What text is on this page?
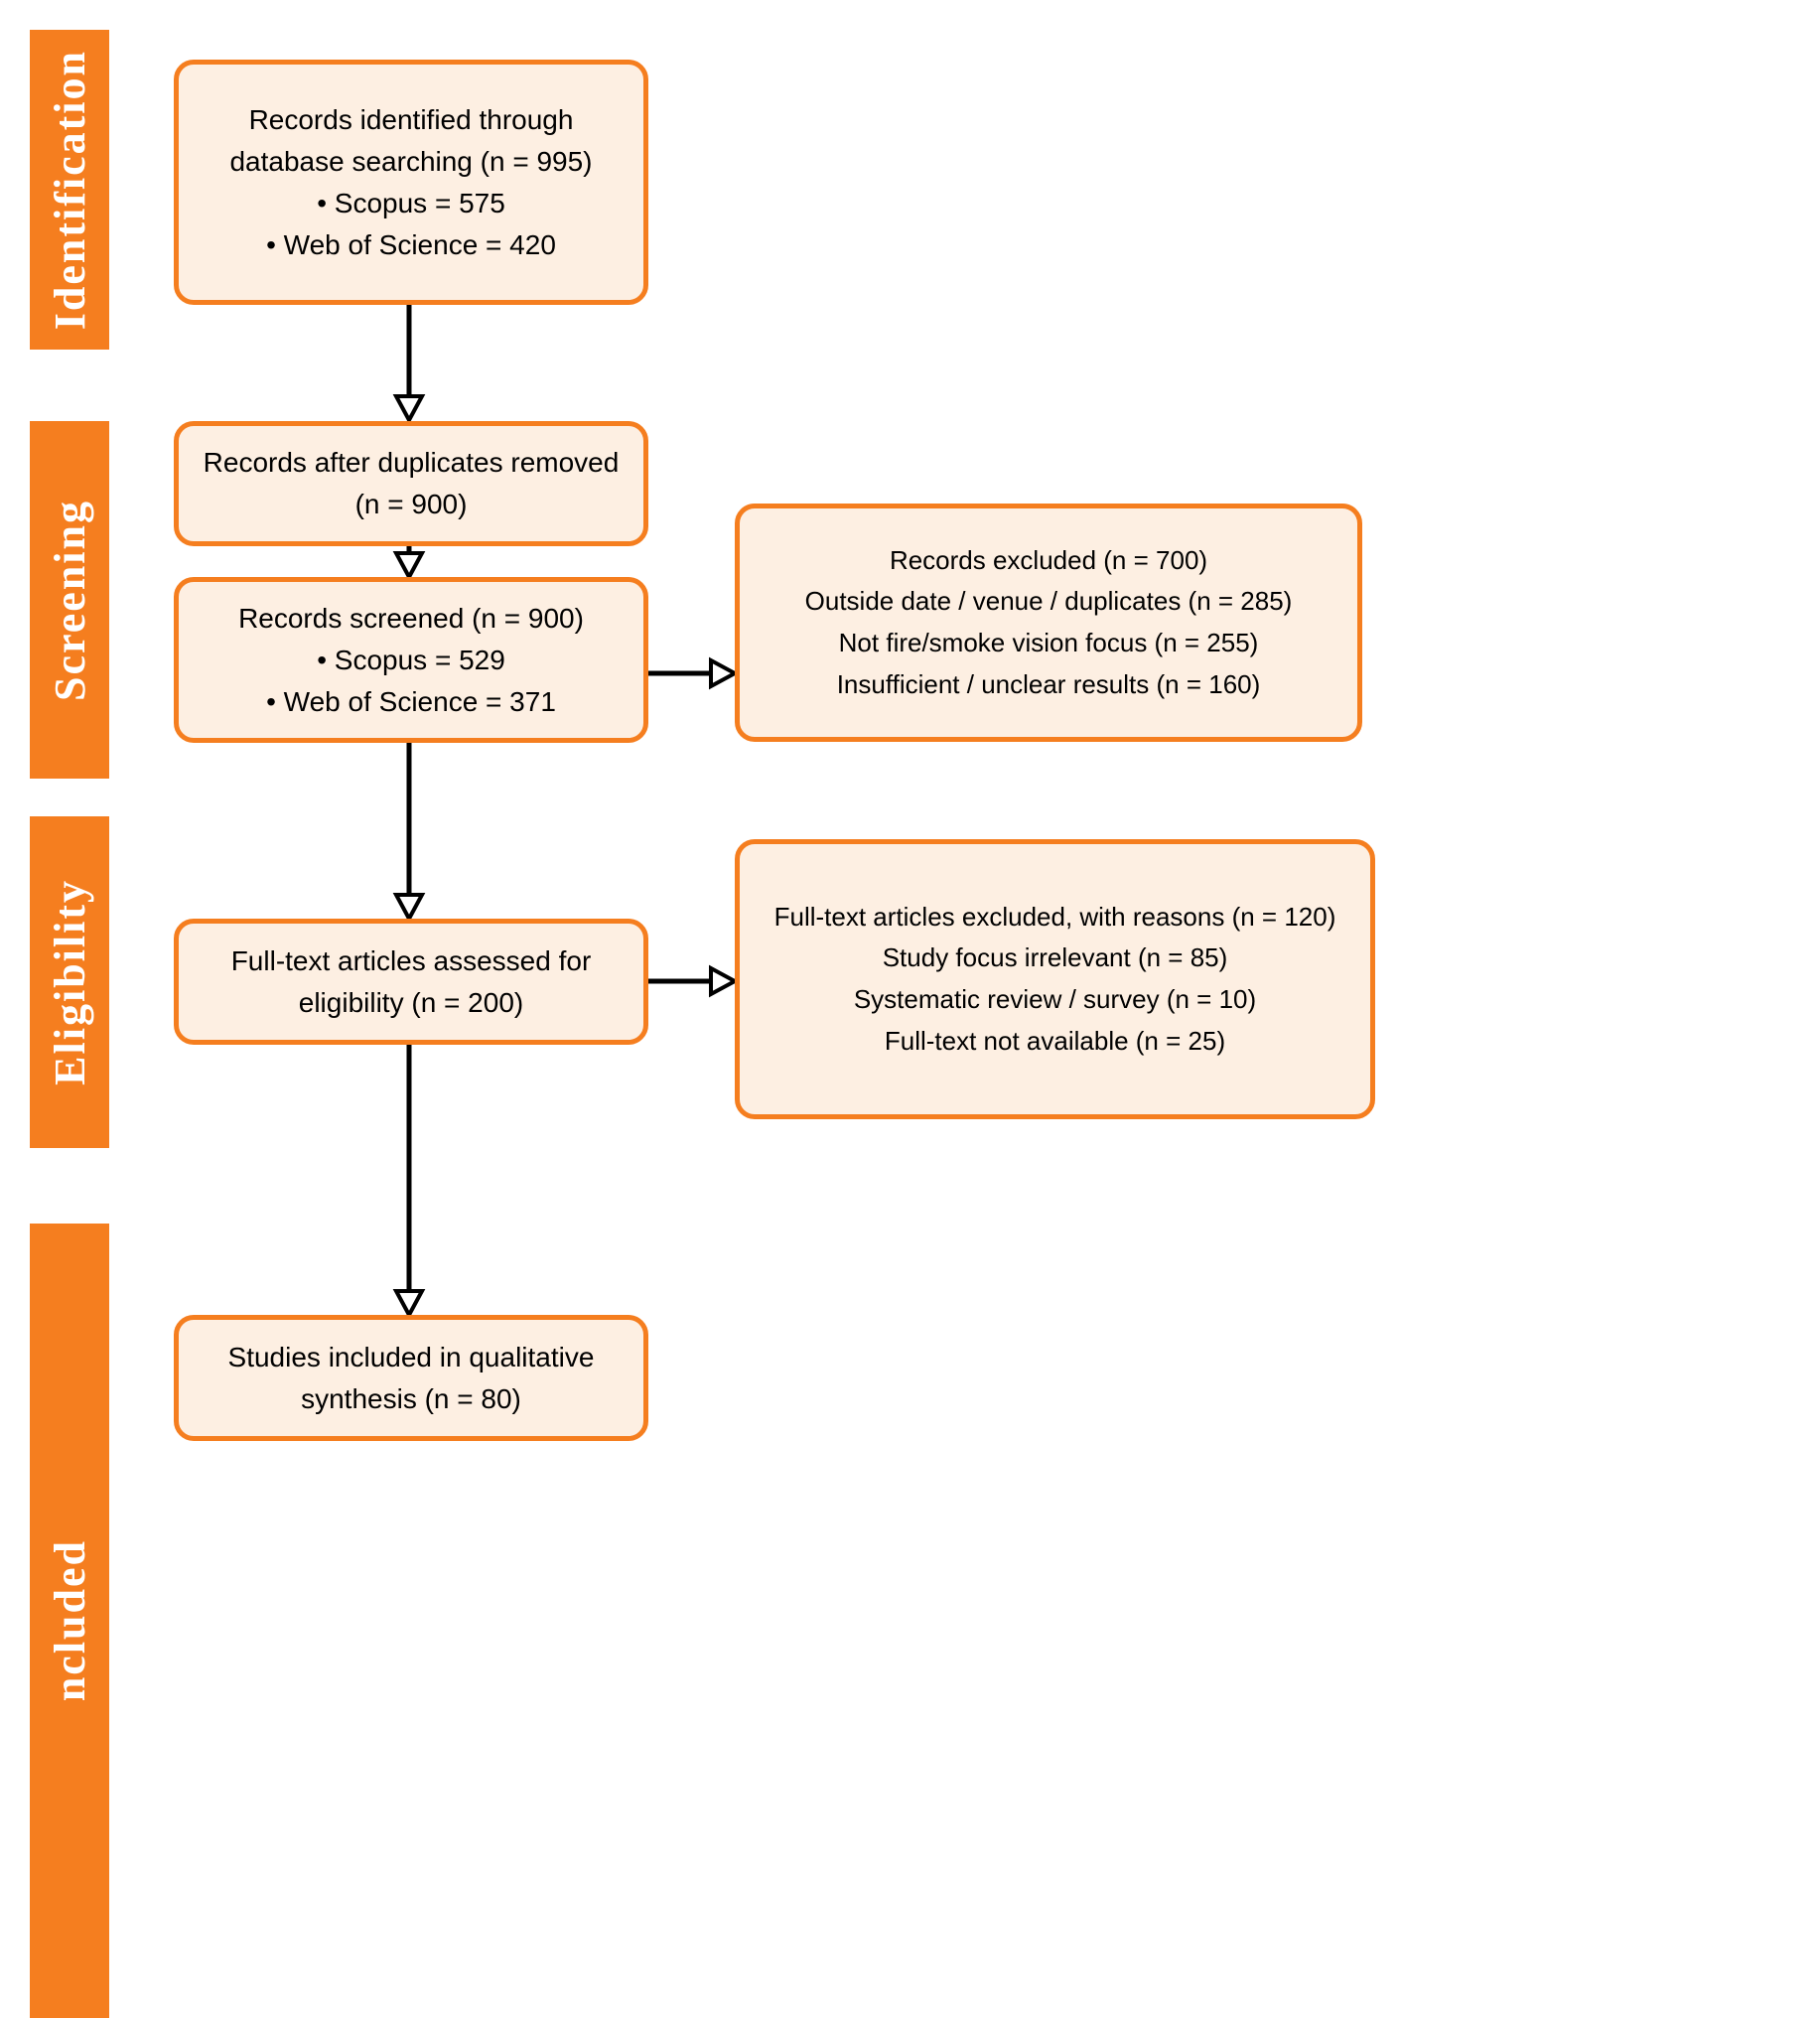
Identification
Screening
Eligibility
ncluded
Records identified through
database searching (n = 995)
• Scopus = 575
• Web of Science = 420
Records after duplicates removed
(n = 900)
Records screened (n = 900)
• Scopus = 529
• Web of Science = 371
Records excluded (n = 700)
Outside date / venue / duplicates (n = 285)
Not fire/smoke vision focus (n = 255)
Insufficient / unclear results (n = 160)
Full-text articles assessed for
eligibility (n = 200)
Full-text articles excluded, with reasons (n = 120)
Study focus irrelevant (n = 85)
Systematic review / survey (n = 10)
Full-text not available (n = 25)
Studies included in qualitative
synthesis (n = 80)
